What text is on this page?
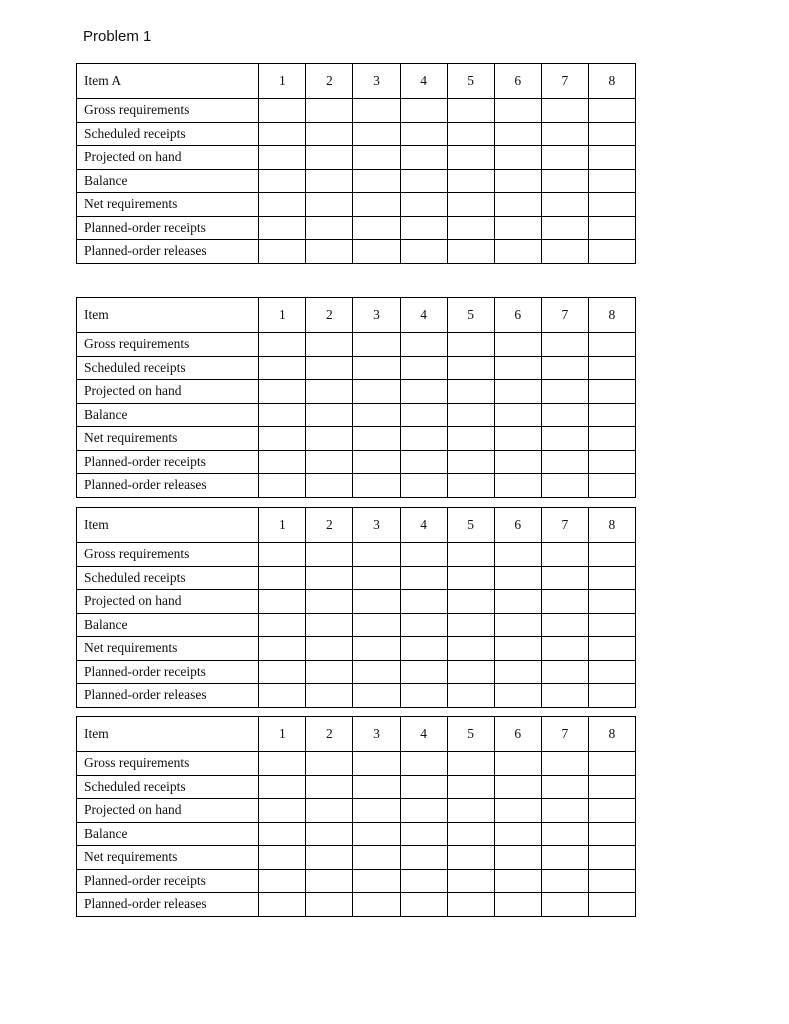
Problem 1
Item A	1	2	3	4	5	6	7	8
Gross requirements								
Scheduled receipts								
Projected on hand								
Balance								
Net requirements								
Planned-order receipts								
Planned-order releases								
Item	1	2	3	4	5	6	7	8
Gross requirements								
Scheduled receipts								
Projected on hand								
Balance								
Net requirements								
Planned-order receipts								
Planned-order releases								
Item	1	2	3	4	5	6	7	8
Gross requirements								
Scheduled receipts								
Projected on hand								
Balance								
Net requirements								
Planned-order receipts								
Planned-order releases								
Item	1	2	3	4	5	6	7	8
Gross requirements								
Scheduled receipts								
Projected on hand								
Balance								
Net requirements								
Planned-order receipts								
Planned-order releases								
